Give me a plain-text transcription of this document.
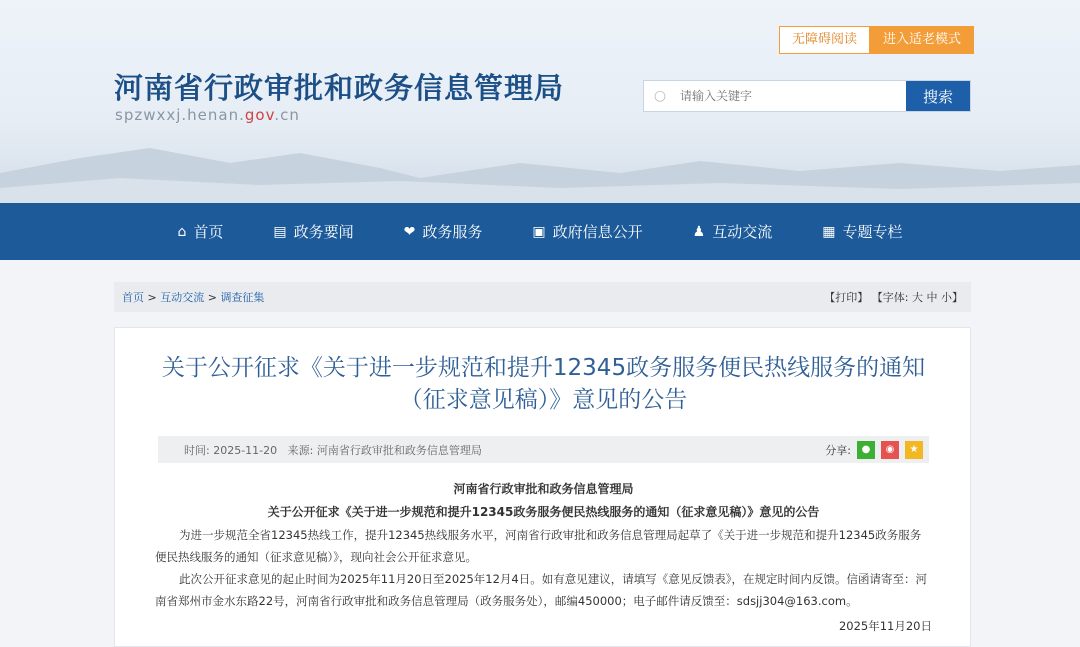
河南省行政审批和政务信息管理局
spzwxxj.henan.gov.cn
无障碍阅读	进入适老模式
○
请输入关键字	搜索
⌂ 首页	▤ 政务要闻	❤ 政务服务	▣ 政府信息公开	♟ 互动交流	▦ 专题专栏
首页 > 互动交流 > 调查征集	【打印】 【字体: 大 中 小】
关于公开征求《关于进一步规范和提升12345政务服务便民热线服务的通知（征求意见稿）》意见的公告
时间: 2025-11-20 来源: 河南省行政审批和政务信息管理局	分享:	●	◉	★
河南省行政审批和政务信息管理局
关于公开征求《关于进一步规范和提升12345政务服务便民热线服务的通知（征求意见稿）》意见的公告

为进一步规范全省12345热线工作，提升12345热线服务水平，河南省行政审批和政务信息管理局起草了《关于进一步规范和提升12345政务服务便民热线服务的通知（征求意见稿）》，现向社会公开征求意见。

此次公开征求意见的起止时间为2025年11月20日至2025年12月4日。如有意见建议，请填写《意见反馈表》，在规定时间内反馈。信函请寄至：河南省郑州市金水东路22号，河南省行政审批和政务信息管理局（政务服务处），邮编450000；电子邮件请反馈至：sdsjj304@163.com。

2025年11月20日
